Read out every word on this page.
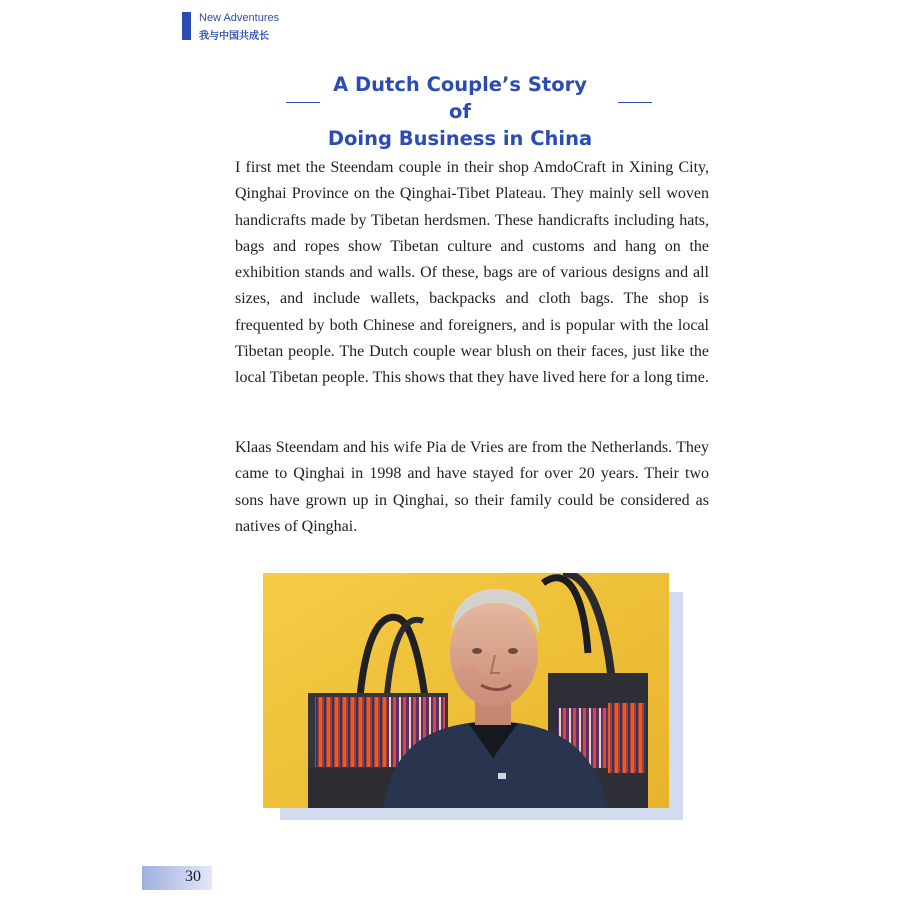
New Adventures
我与中国共成长
A Dutch Couple’s Story of
Doing Business in China

I first met the Steendam couple in their shop AmdoCraft in Xining City, Qinghai Province on the Qinghai-Tibet Plateau. They mainly sell woven handicrafts made by Tibetan herdsmen. These handicrafts including hats, bags and ropes show Tibetan culture and customs and hang on the exhibition stands and walls. Of these, bags are of various designs and all sizes, and include wallets, backpacks and cloth bags. The shop is frequented by both Chinese and foreigners, and is popular with the local Tibetan people. The Dutch couple wear blush on their faces, just like the local Tibetan people. This shows that they have lived here for a long time.

Klaas Steendam and his wife Pia de Vries are from the Netherlands. They came to Qinghai in 1998 and have stayed for over 20 years. Their two sons have grown up in Qinghai, so their family could be considered as natives of Qinghai.

30
